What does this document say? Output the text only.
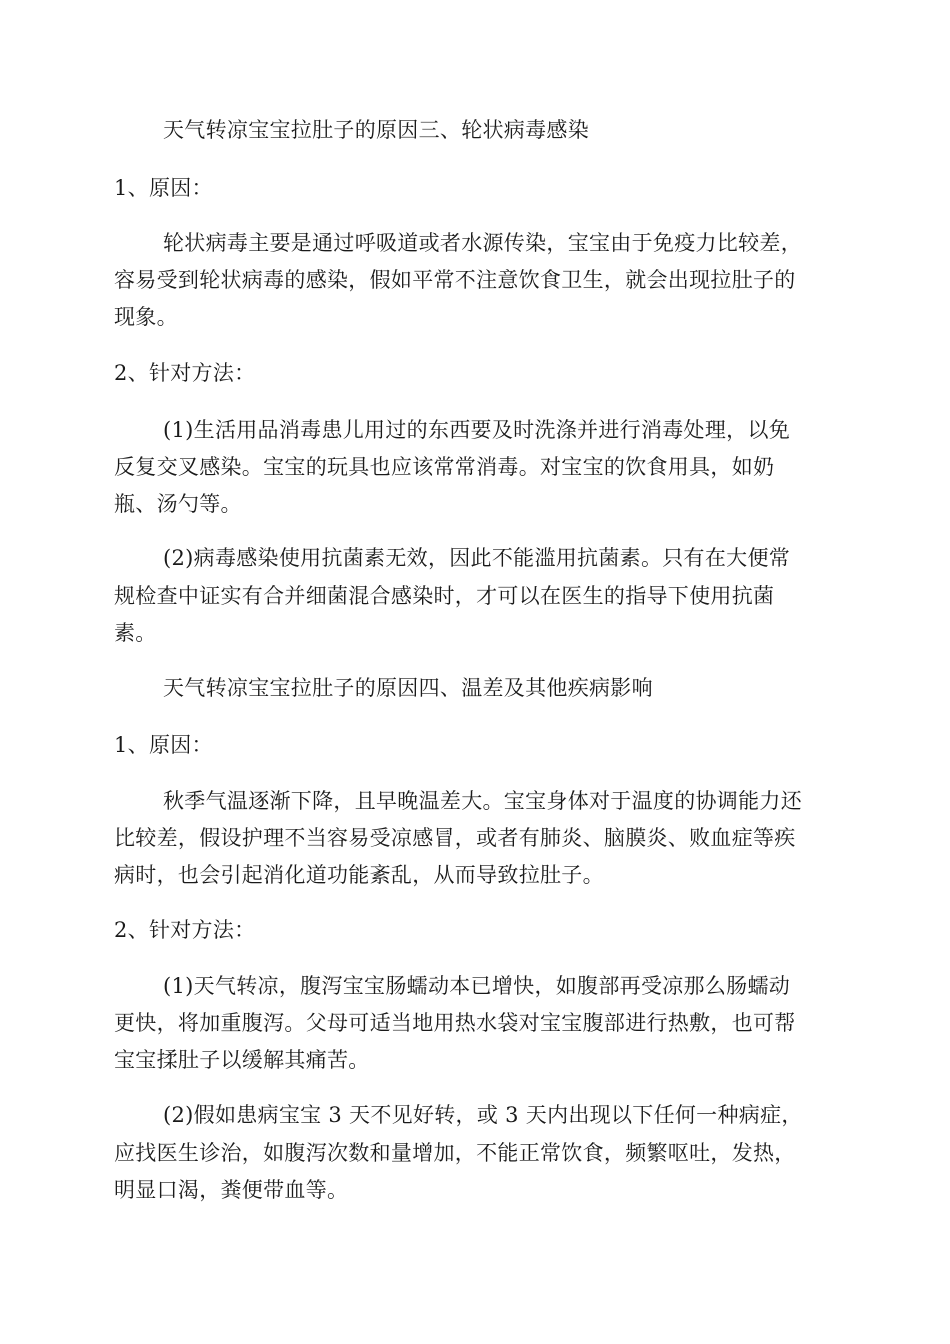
天气转凉宝宝拉肚子的原因三、轮状病毒感染
1、原因：
轮状病毒主要是通过呼吸道或者水源传染，宝宝由于免疫力比较差，
容易受到轮状病毒的感染，假如平常不注意饮食卫生，就会出现拉肚子的
现象。
2、针对方法：
(1)生活用品消毒患儿用过的东西要及时洗涤并进行消毒处理，以免
反复交叉感染。宝宝的玩具也应该常常消毒。对宝宝的饮食用具，如奶
瓶、汤勺等。
(2)病毒感染使用抗菌素无效，因此不能滥用抗菌素。只有在大便常
规检查中证实有合并细菌混合感染时，才可以在医生的指导下使用抗菌
素。
天气转凉宝宝拉肚子的原因四、温差及其他疾病影响
1、原因：
秋季气温逐渐下降，且早晚温差大。宝宝身体对于温度的协调能力还
比较差，假设护理不当容易受凉感冒，或者有肺炎、脑膜炎、败血症等疾
病时，也会引起消化道功能紊乱，从而导致拉肚子。
2、针对方法：
(1)天气转凉，腹泻宝宝肠蠕动本已增快，如腹部再受凉那么肠蠕动
更快，将加重腹泻。父母可适当地用热水袋对宝宝腹部进行热敷，也可帮
宝宝揉肚子以缓解其痛苦。
(2)假如患病宝宝 3 天不见好转，或 3 天内出现以下任何一种病症，
应找医生诊治，如腹泻次数和量增加，不能正常饮食，频繁呕吐，发热，
明显口渴，粪便带血等。
